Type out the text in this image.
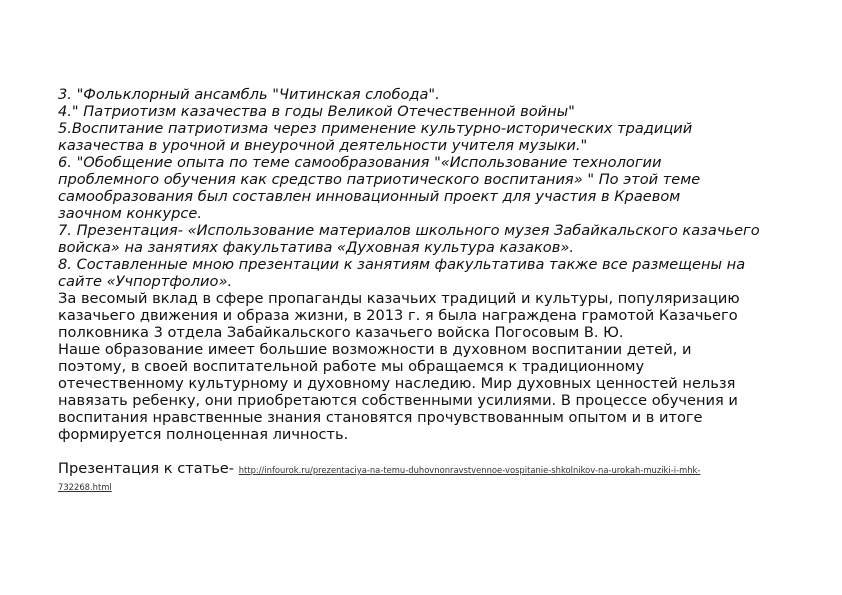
3. "Фольклорный ансамбль "Читинская слобода".

4." Патриотизм казачества в годы Великой Отечественной войны"

5.Воспитание патриотизма через применение культурно-исторических традиций

казачества в урочной и внеурочной деятельности учителя музыки."

6. "Обобщение опыта по теме самообразования "«Использование технологии

проблемного обучения как средство патриотического воспитания» " По этой теме

самообразования был составлен инновационный проект для участия в Краевом

заочном конкурсе.

7. Презентация- «Использование материалов школьного музея Забайкальского казачьего

войска» на занятиях факультатива «Духовная культура казаков».

8. Составленные мною презентации к занятиям факультатива также все размещены на

сайте «Учпортфолио».

За весомый вклад в сфере пропаганды казачьих традиций и культуры, популяризацию

казачьего движения и образа жизни, в 2013 г. я была награждена грамотой Казачьего

полковника 3 отдела Забайкальского казачьего войска Погосовым В. Ю.

Наше образование имеет большие возможности в духовном воспитании детей, и

поэтому, в своей воспитательной работе мы обращаемся к традиционному

отечественному культурному и духовному наследию. Мир духовных ценностей нельзя

навязать ребенку, они приобретаются собственными усилиями. В процессе обучения и

воспитания нравственные знания становятся прочувствованным опытом и в итоге

формируется полноценная личность.

Презентация к статье- http://infourok.ru/prezentaciya-na-temu-duhovnonravstvennoe-vospitanie-shkolnikov-na-urokah-muziki-i-mhk-
732268.html
